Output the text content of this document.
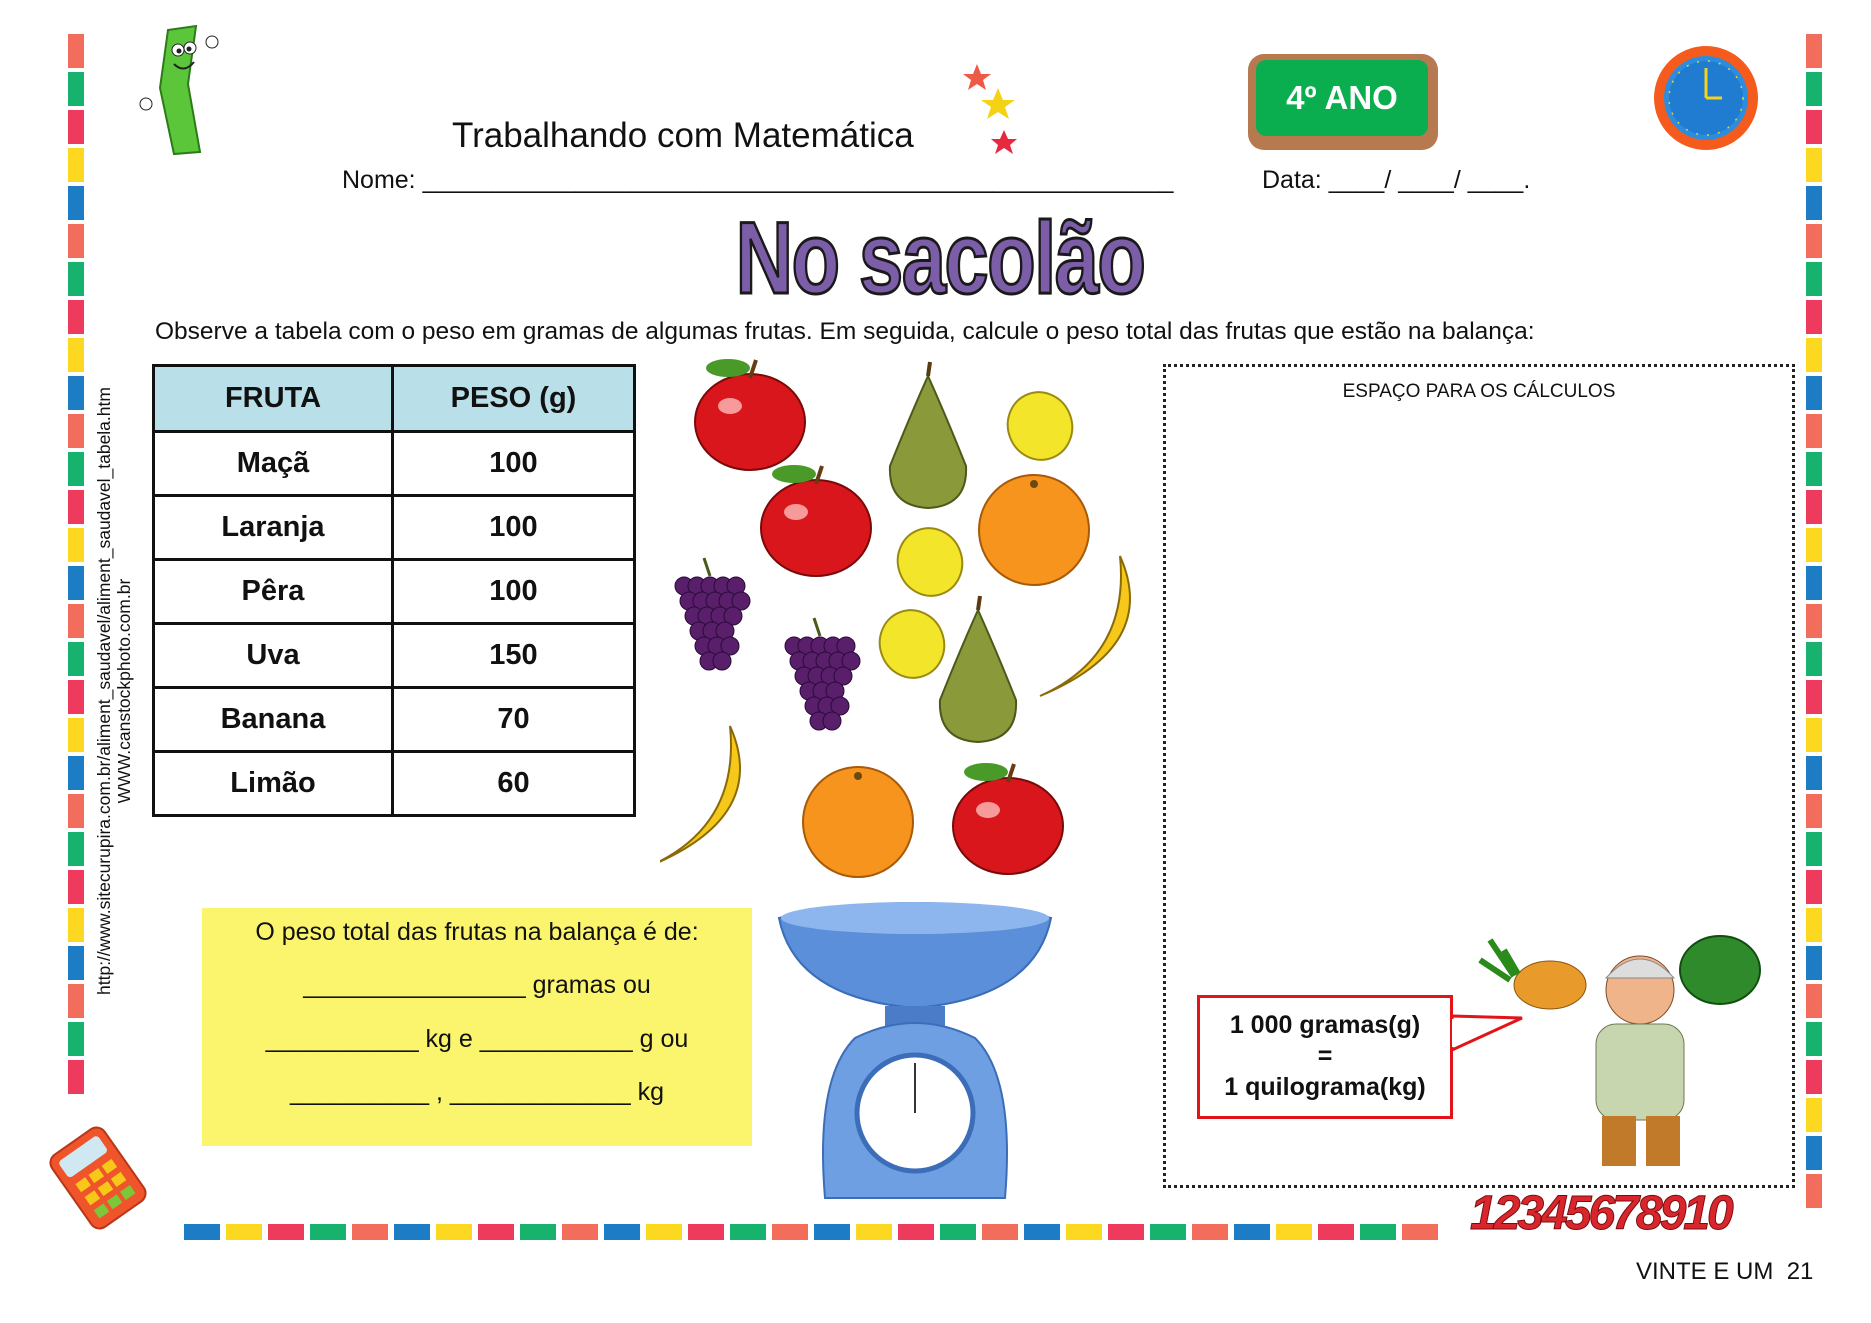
Trabalhando com Matemática
4º ANO
Nome: ______________________________________________________	Data: ____/ ____/ ____.
No sacolão
Observe a tabela com o peso em gramas de algumas frutas. Em seguida, calcule o peso total das frutas que estão na balança:
http://www.sitecurupira.com.br/aliment_saudavel/aliment_saudavel_tabela.htm WWW.canstockphoto.com.br
FRUTA	PESO (g)
Maçã	100
Laranja	100
Pêra	100
Uva	150
Banana	70
Limão	60
ESPAÇO PARA OS CÁLCULOS
O peso total das frutas na balança é de:
________________ gramas ou
___________ kg e ___________ g ou
__________ , _____________ kg
1 000 gramas(g)
=
1 quilograma(kg)
12345678910
VINTE E UM 21
